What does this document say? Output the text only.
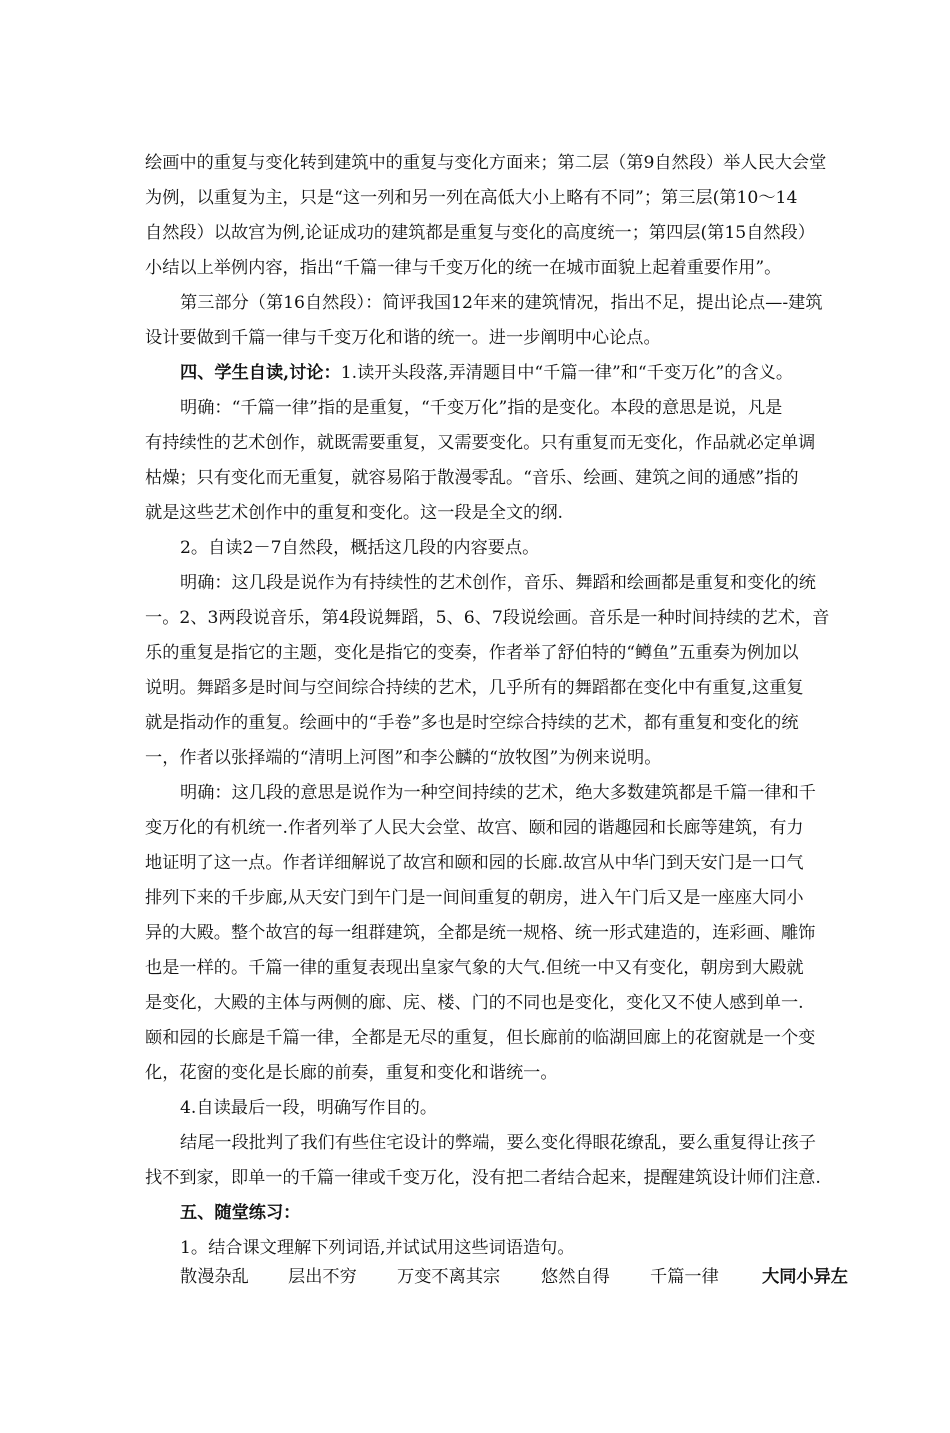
绘画中的重复与变化转到建筑中的重复与变化方面来；第二层（第9自然段）举人民大会堂
为例，以重复为主，只是“这一列和另一列在高低大小上略有不同”；第三层(第10～14
自然段）以故宫为例,论证成功的建筑都是重复与变化的高度统一；第四层(第15自然段）
小结以上举例内容，指出“千篇一律与千变万化的统一在城市面貌上起着重要作用”。
第三部分（第16自然段）：简评我国12年来的建筑情况，指出不足，提出论点—-建筑
设计要做到千篇一律与千变万化和谐的统一。进一步阐明中心论点。
四、学生自读,讨论：1.读开头段落,弄清题目中“千篇一律”和“千变万化”的含义。
明确：“千篇一律”指的是重复，“千变万化”指的是变化。本段的意思是说，凡是
有持续性的艺术创作，就既需要重复，又需要变化。只有重复而无变化，作品就必定单调
枯燥；只有变化而无重复，就容易陷于散漫零乱。“音乐、绘画、建筑之间的通感”指的
就是这些艺术创作中的重复和变化。这一段是全文的纲.
2。自读2－7自然段，概括这几段的内容要点。
明确：这几段是说作为有持续性的艺术创作，音乐、舞蹈和绘画都是重复和变化的统
一。2、3两段说音乐，第4段说舞蹈，5、6、7段说绘画。音乐是一种时间持续的艺术，音
乐的重复是指它的主题，变化是指它的变奏，作者举了舒伯特的“鳟鱼”五重奏为例加以
说明。舞蹈多是时间与空间综合持续的艺术，几乎所有的舞蹈都在变化中有重复,这重复
就是指动作的重复。绘画中的“手卷”多也是时空综合持续的艺术，都有重复和变化的统
一，作者以张择端的“清明上河图”和李公麟的“放牧图”为例来说明。
明确：这几段的意思是说作为一种空间持续的艺术，绝大多数建筑都是千篇一律和千
变万化的有机统一.作者列举了人民大会堂、故宫、颐和园的谐趣园和长廊等建筑，有力
地证明了这一点。作者详细解说了故宫和颐和园的长廊.故宫从中华门到天安门是一口气
排列下来的千步廊,从天安门到午门是一间间重复的朝房，进入午门后又是一座座大同小
异的大殿。整个故宫的每一组群建筑，全都是统一规格、统一形式建造的，连彩画、雕饰
也是一样的。千篇一律的重复表现出皇家气象的大气.但统一中又有变化，朝房到大殿就
是变化，大殿的主体与两侧的廊、庑、楼、门的不同也是变化，变化又不使人感到单一.
颐和园的长廊是千篇一律，全都是无尽的重复，但长廊前的临湖回廊上的花窗就是一个变
化，花窗的变化是长廊的前奏，重复和变化和谐统一。
4.自读最后一段，明确写作目的。
结尾一段批判了我们有些住宅设计的弊端，要么变化得眼花缭乱，要么重复得让孩子
找不到家，即单一的千篇一律或千变万化，没有把二者结合起来，提醒建筑设计师们注意.
五、随堂练习：
1。结合课文理解下列词语,并试试用这些词语造句。
散漫杂乱 层出不穷 万变不离其宗 悠然自得 千篇一律	大同小异左
